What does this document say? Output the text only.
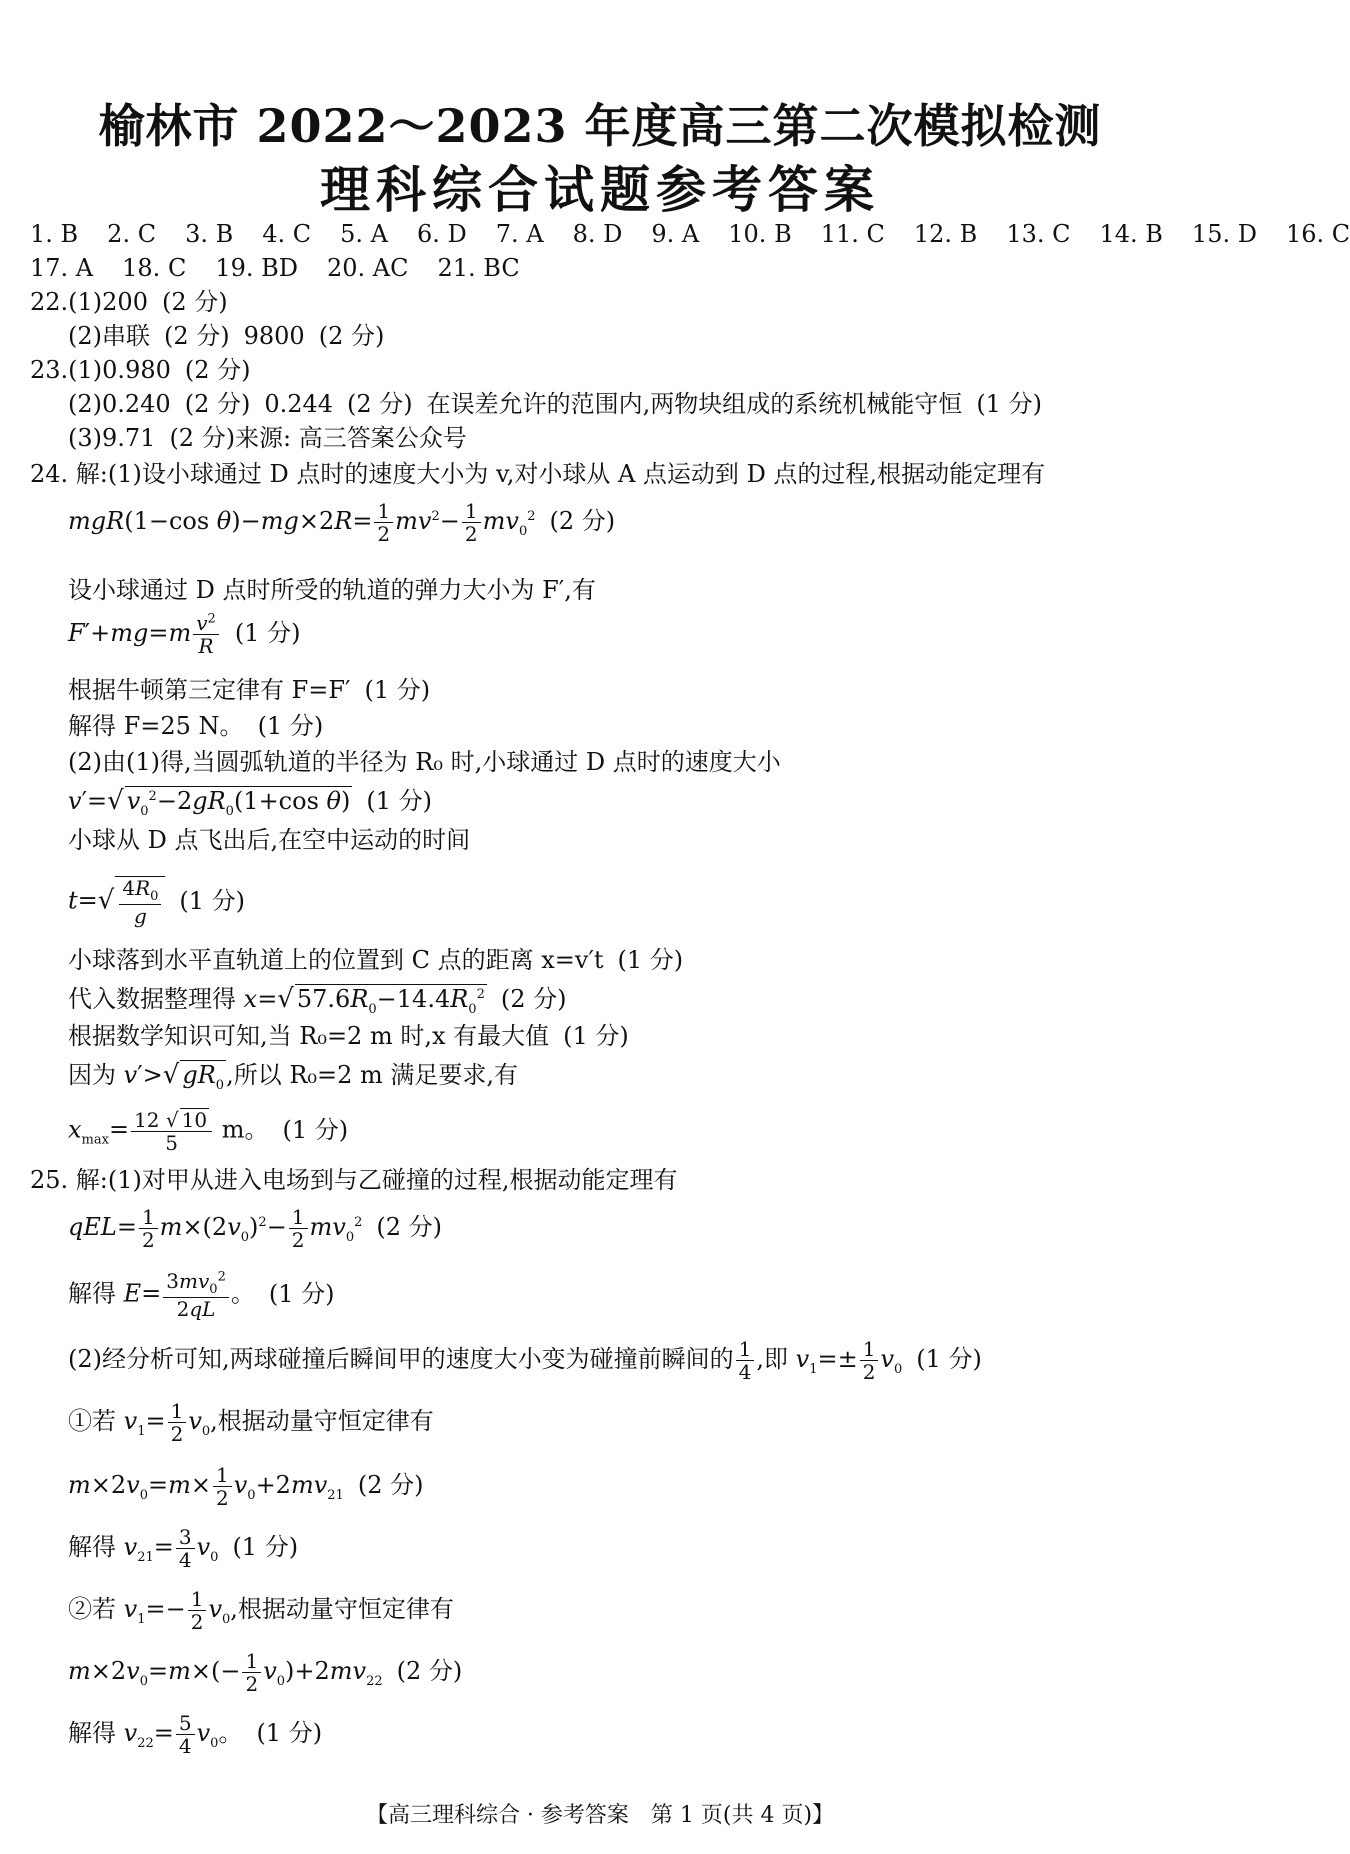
榆林市 2022～2023 年度高三第二次模拟检测
理科综合试题参考答案
1. B 2. C 3. B 4. C 5. A 6. D 7. A 8. D 9. A 10. B 11. C 12. B 13. C 14. B 15. D 16. C
17. A 18. C 19. BD 20. AC 21. BC
22.(1)200 (2 分)
(2)串联 (2 分) 9800 (2 分)
23.(1)0.980 (2 分)
(2)0.240 (2 分) 0.244 (2 分) 在误差允许的范围内,两物块组成的系统机械能守恒 (1 分)
(3)9.71 (2 分)来源: 高三答案公众号
24. 解:(1)设小球通过 D 点时的速度大小为 v,对小球从 A 点运动到 D 点的过程,根据动能定理有
mgR(1−cos $\theta)-mg\times 2R= \frac{1}{2} mv^2- \frac{1}{2} mv_0^2$ (2 分)
设小球通过 D 点时所受的轨道的弹力大小为 F′,有
$F'+mg=m \frac{v^2}{R} (1$ 分)
根据牛顿第三定律有 F=F′ (1 分)
解得 F=25 N。 (1 分)
(2)由(1)得,当圆弧轨道的半径为 R₀ 时,小球通过 D 点时的速度大小
v′=√ $v_0^2-2gR_0(1+\cos$ θ) (1 分)
小球从 D 点飞出后,在空中运动的时间
$t=√ \frac{4R_0}{g} (1$ 分)
小球落到水平直轨道上的位置到 C 点的距离 x=v′t (1 分)
代入数据整理得 x=√ $57.6R_0-14.4R_0^2$ (2 分)
根据数学知识可知,当 R₀=2 m 时,x 有最大值 (1 分)
因为 v′>√ $gR_0$,所以 R₀=2 m 满足要求,有
$x_{max}= \frac{12 √ 10}{5}$ m。 (1 分)
25. 解:(1)对甲从进入电场到与乙碰撞的过程,根据动能定理有
$qEL= \frac{1}{2} m\times(2v_0)^2- \frac{1}{2} mv_0^2$ (2 分)
解得 $E= \frac{3mv_0^2}{2qL}$ 。 (1 分)
(2)经分析可知,两球碰撞后瞬间甲的速度大小变为碰撞前瞬间的 $\frac{1}{4}$ ,即 $v_1=\pm \frac{1}{2} v_0$ (1 分)
①若 $v_1= \frac{1}{2} v_0$,根据动量守恒定律有
$m\times 2v_0=m\times \frac{1}{2} v_0+2mv_{21}$ (2 分)
解得 $v_{21}= \frac{3}{4} v_0$ (1 分)
②若 $v_1=- \frac{1}{2} v_0$,根据动量守恒定律有
$m\times 2v_0=m\times(- \frac{1}{2} v_0)+2mv_{22}$ (2 分)
解得 $v_{22}= \frac{5}{4} v_0$。 (1 分)
【高三理科综合 · 参考答案　第 1 页(共 4 页)】
